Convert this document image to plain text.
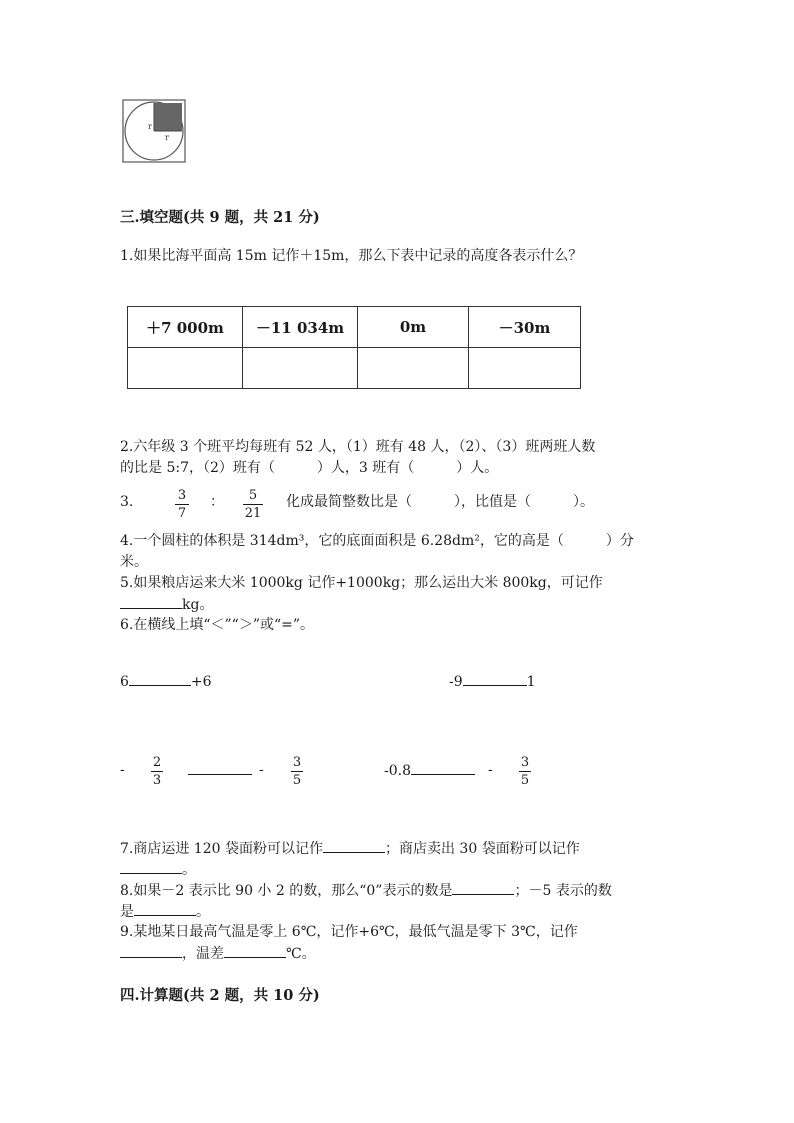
r
r
三.填空题(共 9 题，共 21 分)
1.如果比海平面高 15m 记作＋15m，那么下表中记录的高度各表示什么？
＋7 000m	－11 034m	0m	－30m

2.六年级 3 个班平均每班有 52 人，（1）班有 48 人，（2）、（3）班两班人数
的比是 5:7，（2）班有（　　　）人，3 班有（　　　）人。
3.	3
7
：	5
21
化成最简整数比是（　　　），比值是（　　　）。
4.一个圆柱的体积是 314dm³，它的底面面积是 6.28dm²，它的高是（　　　）分
米。
5.如果粮店运来大米 1000kg 记作+1000kg；那么运出大米 800kg，可记作
kg。
6.在横线上填“＜”“＞”或“=”。
6	+6	-9	1
- 2
3
- 3
5
-0.8	- 3
5
7.商店运进 120 袋面粉可以记作	；商店卖出 30 袋面粉可以记作
。
8.如果－2 表示比 90 小 2 的数，那么“0”表示的数是	；－5 表示的数
是	。
9.某地某日最高气温是零上 6℃，记作+6℃，最低气温是零下 3℃，记作
，温差	℃。
四.计算题(共 2 题，共 10 分)
